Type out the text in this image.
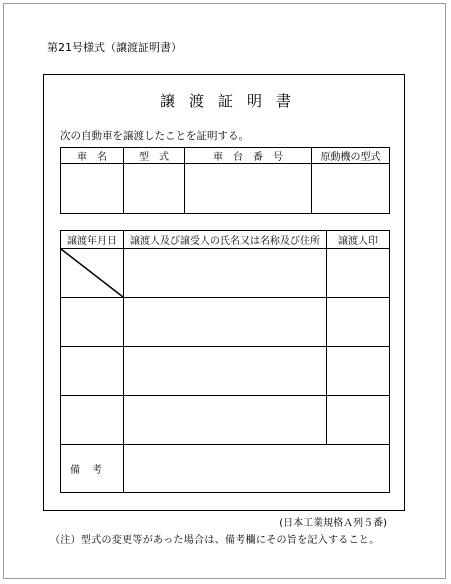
第21号様式（譲渡証明書）
譲渡証明書
次の自動車を譲渡したことを証明する。
車　名	型　式	車　台　番　号	原動機の型式

譲渡年月日	譲渡人及び譲受人の氏名又は名称及び住所	譲渡人印

備考		
(日本工業規格Ａ列５番)
（注）型式の変更等があった場合は、備考欄にその旨を記入すること。
